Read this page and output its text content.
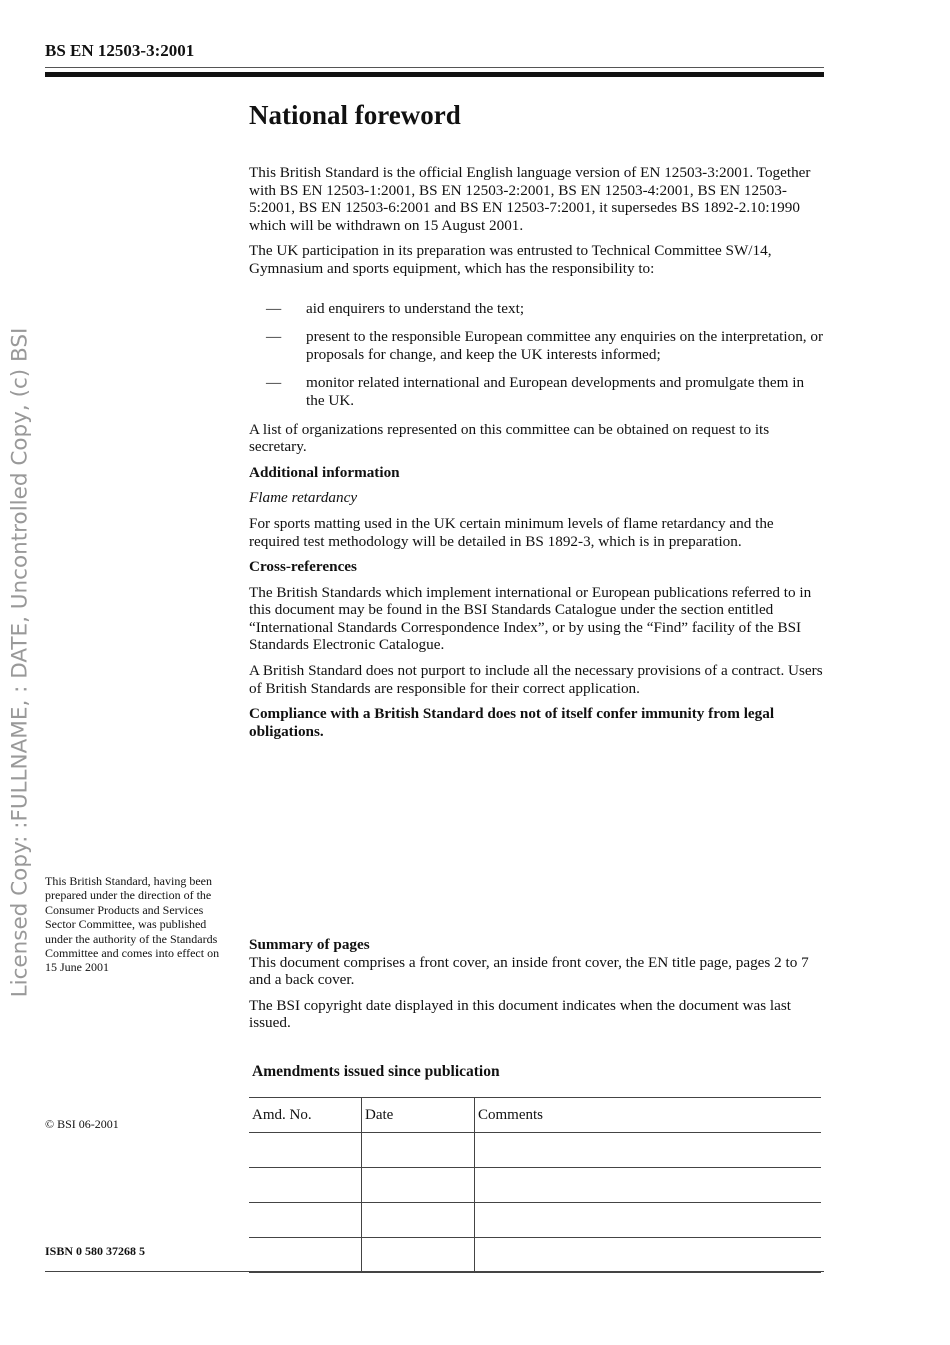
BS EN 12503-3:2001
Licensed Copy: :FULLNAME, : DATE, Uncontrolled Copy, (c) BSI
National foreword

This British Standard is the official English language version of EN 12503-3:2001. Together with BS EN 12503-1:2001, BS EN 12503-2:2001, BS EN 12503-4:2001, BS EN 12503-5:2001, BS EN 12503-6:2001 and BS EN 12503-7:2001, it supersedes BS 1892-2.10:1990 which will be withdrawn on 15 August 2001.

The UK participation in its preparation was entrusted to Technical Committee SW/14, Gymnasium and sports equipment, which has the responsibility to:

— aid enquirers to understand the text;
— present to the responsible European committee any enquiries on the interpretation, or proposals for change, and keep the UK interests informed;
— monitor related international and European developments and promulgate them in the UK.

A list of organizations represented on this committee can be obtained on request to its secretary.

Additional information

Flame retardancy

For sports matting used in the UK certain minimum levels of flame retardancy and the required test methodology will be detailed in BS 1892-3, which is in preparation.

Cross-references

The British Standards which implement international or European publications referred to in this document may be found in the BSI Standards Catalogue under the section entitled “International Standards Correspondence Index”, or by using the “Find” facility of the BSI Standards Electronic Catalogue.

A British Standard does not purport to include all the necessary provisions of a contract. Users of British Standards are responsible for their correct application.

Compliance with a British Standard does not of itself confer immunity from legal obligations.

Summary of pages

This document comprises a front cover, an inside front cover, the EN title page, pages 2 to 7 and a back cover.

The BSI copyright date displayed in this document indicates when the document was last issued.

This British Standard, having been prepared under the direction of the Consumer Products and Services Sector Committee, was published under the authority of the Standards Committee and comes into effect on 15 June 2001
© BSI 06-2001
ISBN 0 580 37268 5
Amendments issued since publication
Amd. No.	Date	Comments
